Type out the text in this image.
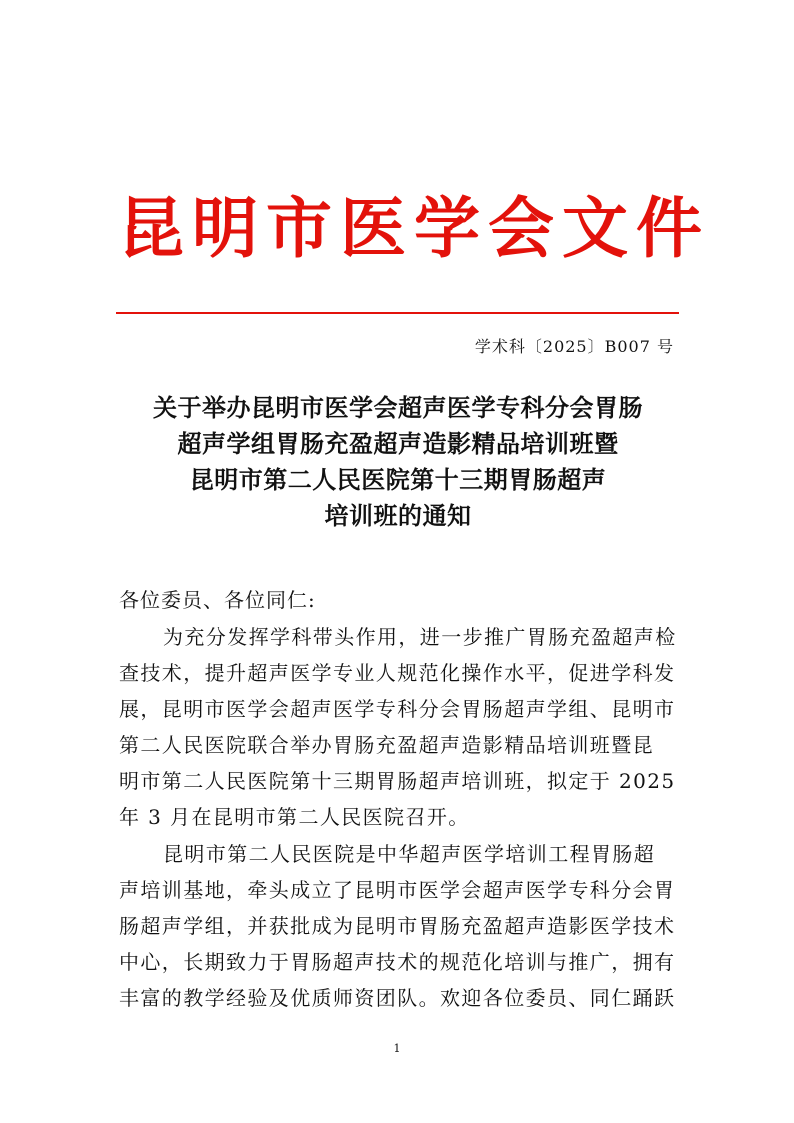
昆明市医学会文件
学术科〔2025〕B007 号
关于举办昆明市医学会超声医学专科分会胃肠
超声学组胃肠充盈超声造影精品培训班暨
昆明市第二人民医院第十三期胃肠超声
培训班的通知
各位委员、各位同仁:
为充分发挥学科带头作用，进一步推广胃肠充盈超声检
查技术，提升超声医学专业人规范化操作水平，促进学科发
展，昆明市医学会超声医学专科分会胃肠超声学组、昆明市
第二人民医院联合举办胃肠充盈超声造影精品培训班暨昆
明市第二人民医院第十三期胃肠超声培训班，拟定于 2025
年 3 月在昆明市第二人民医院召开。
昆明市第二人民医院是中华超声医学培训工程胃肠超
声培训基地，牵头成立了昆明市医学会超声医学专科分会胃
肠超声学组，并获批成为昆明市胃肠充盈超声造影医学技术
中心，长期致力于胃肠超声技术的规范化培训与推广，拥有
丰富的教学经验及优质师资团队。欢迎各位委员、同仁踊跃
1
